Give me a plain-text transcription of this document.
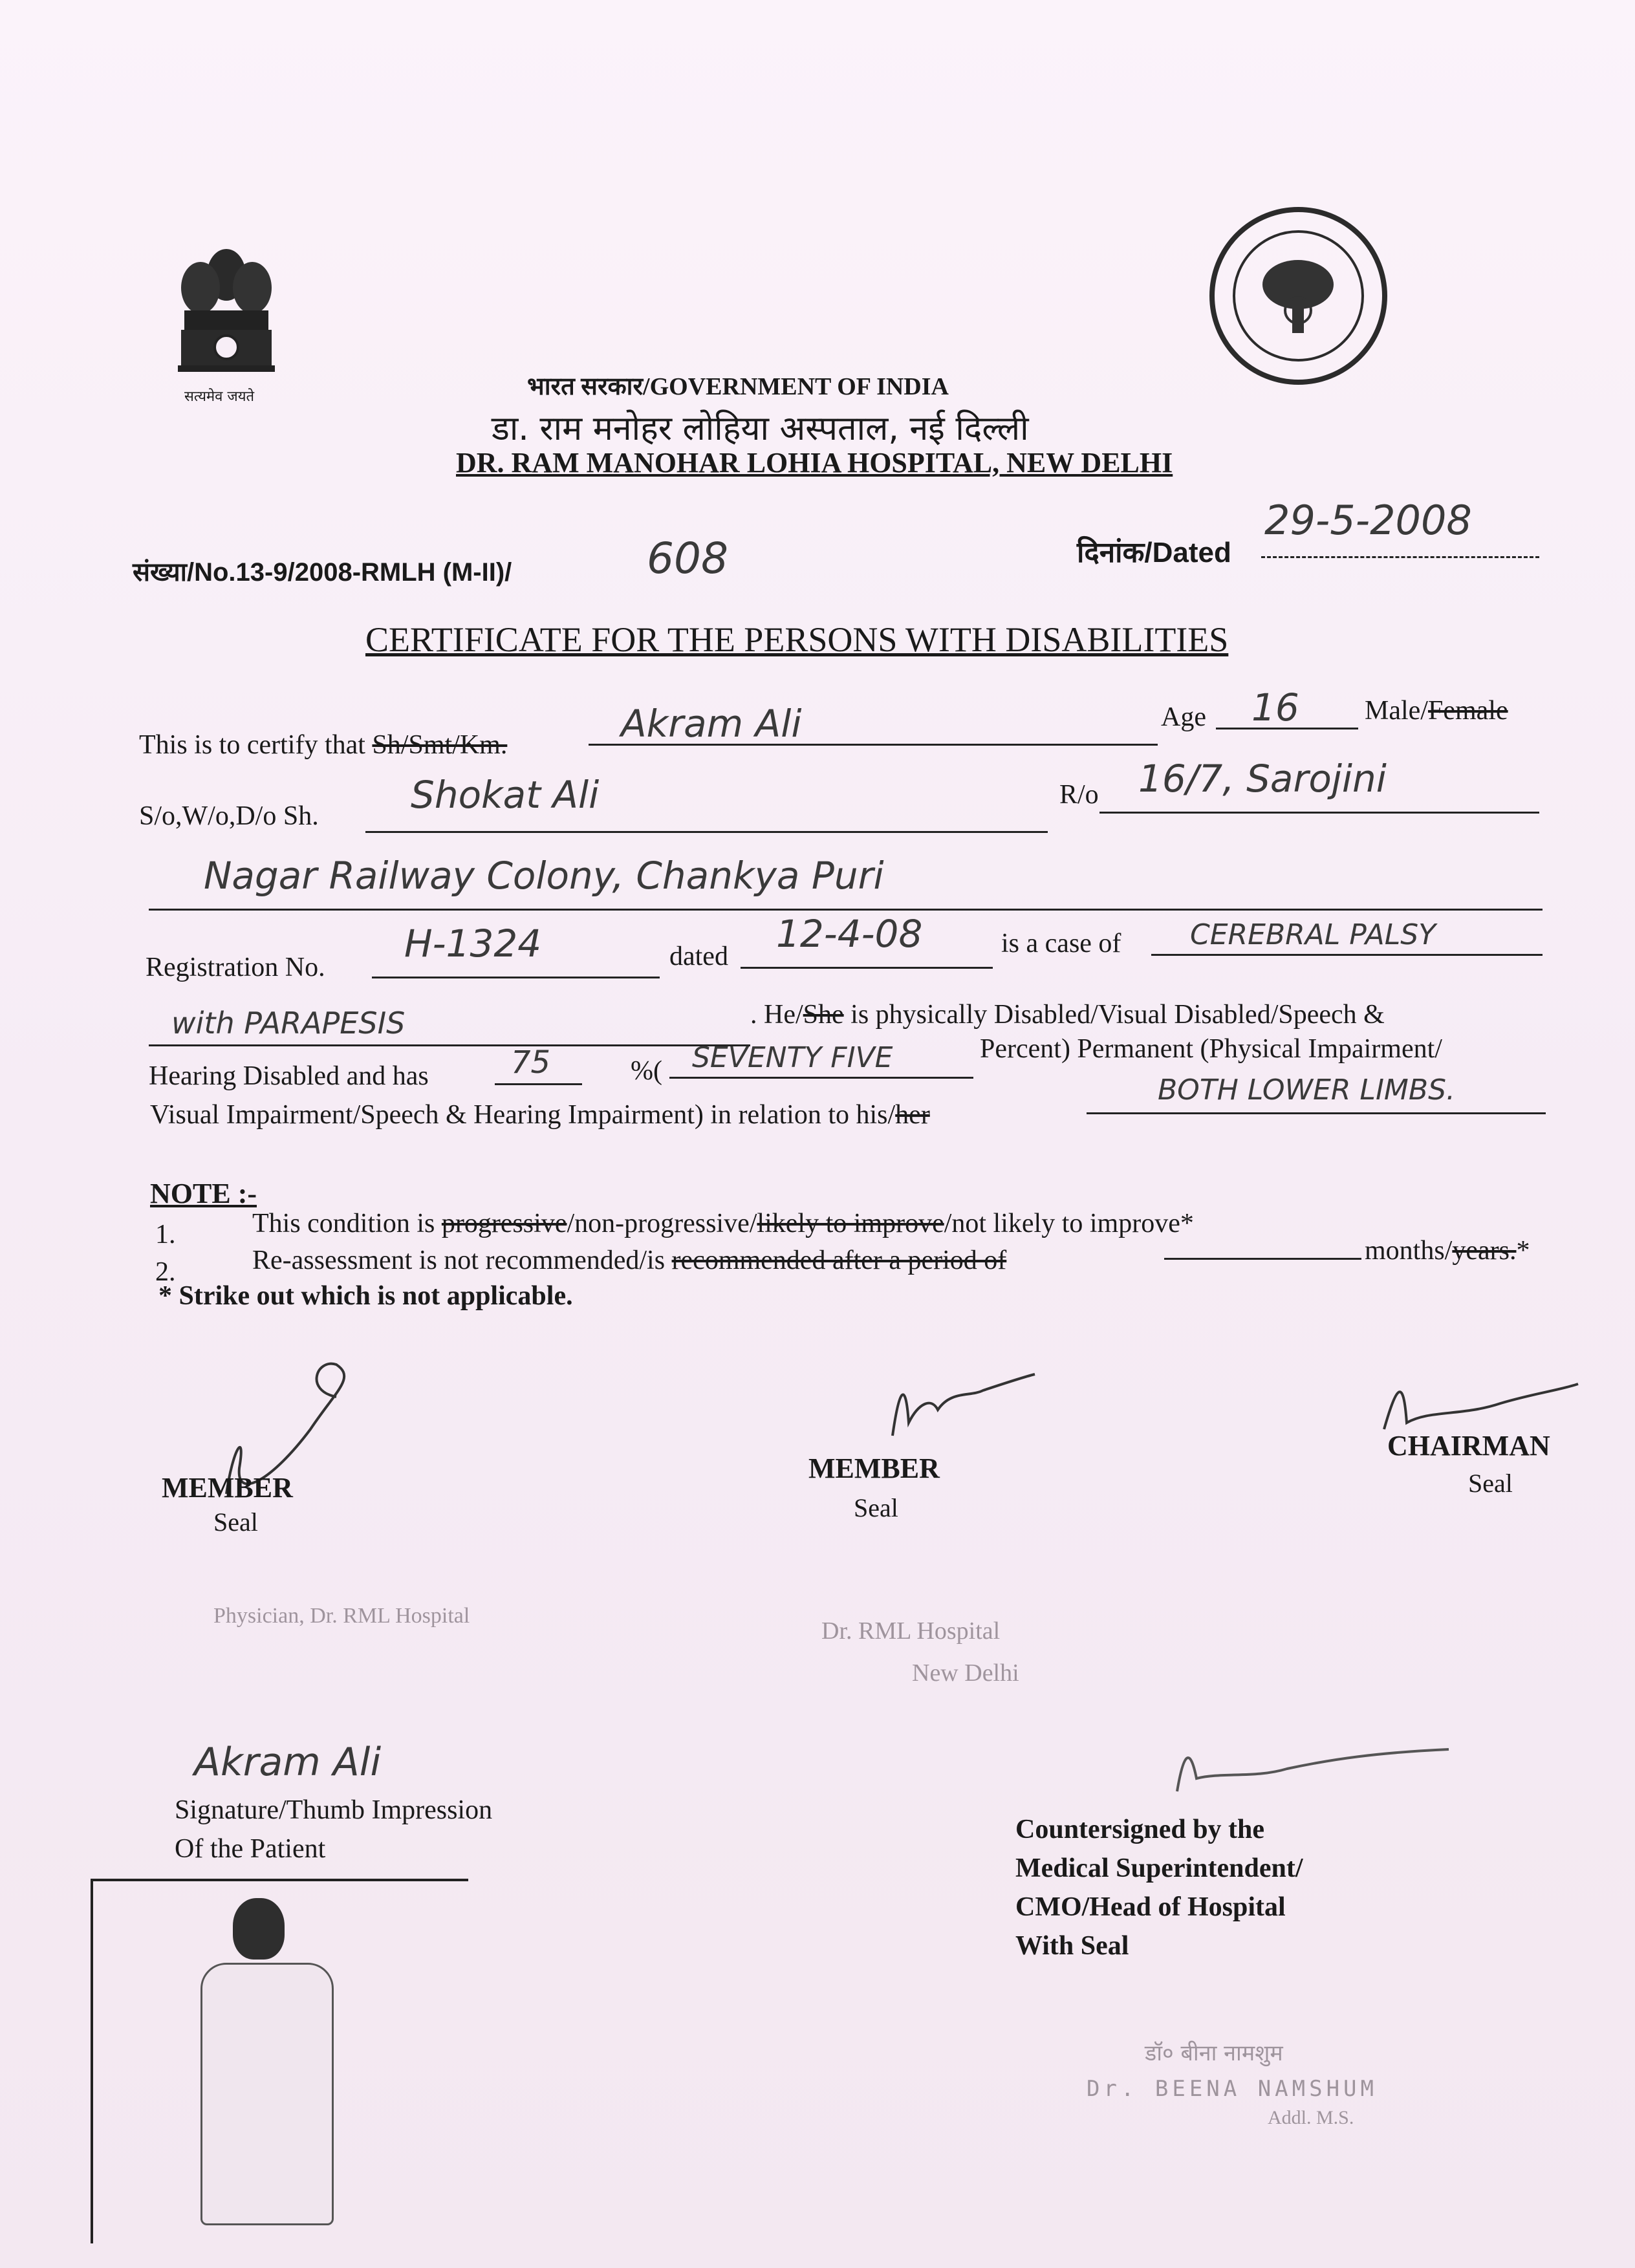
सत्यमेव जयते	भारत सरकार/GOVERNMENT OF INDIA
डा. राम मनोहर लोहिया अस्पताल, नई दिल्ली
DR. RAM MANOHAR LOHIA HOSPITAL, NEW DELHI
संख्या/No.13-9/2008-RMLH (M-II)/	608	दिनांक/Dated
29-5-2008
CERTIFICATE FOR THE PERSONS WITH DISABILITIES
This is to certify that Sh/Smt/Km.	Akram Ali	Age 16 Male/Female
S/o,W/o,D/o Sh. Shokat Ali	R/o 16/7, Sarojini
Nagar Railway Colony, Chankya Puri
Registration No.
H-1324	dated
12-4-08	is a case of CEREBRAL PALSY
with PARAPESIS	. He/She is physically Disabled/Visual Disabled/Speech &
Hearing Disabled and has	75	%( SEVENTY FIVE	Percent) Permanent (Physical Impairment/
Visual Impairment/Speech & Hearing Impairment) in relation to his/her
BOTH LOWER LIMBS.
NOTE :-
1.	This condition is progressive/non-progressive/likely to improve/not likely to improve*
2.	Re-assessment is not recommended/is recommended after a period of	months/years.*
* Strike out which is not applicable.
MEMBER
Seal
Physician, Dr. RML Hospital
MEMBER
Seal
Dr. RML Hospital
New Delhi
CHAIRMAN
Seal
Akram Ali
Signature/Thumb Impression
Of the Patient
Countersigned by the
Medical Superintendent/
CMO/Head of Hospital
With Seal
डॉ० बीना नामशुम
Dr. BEENA NAMSHUM
Addl. M.S.
